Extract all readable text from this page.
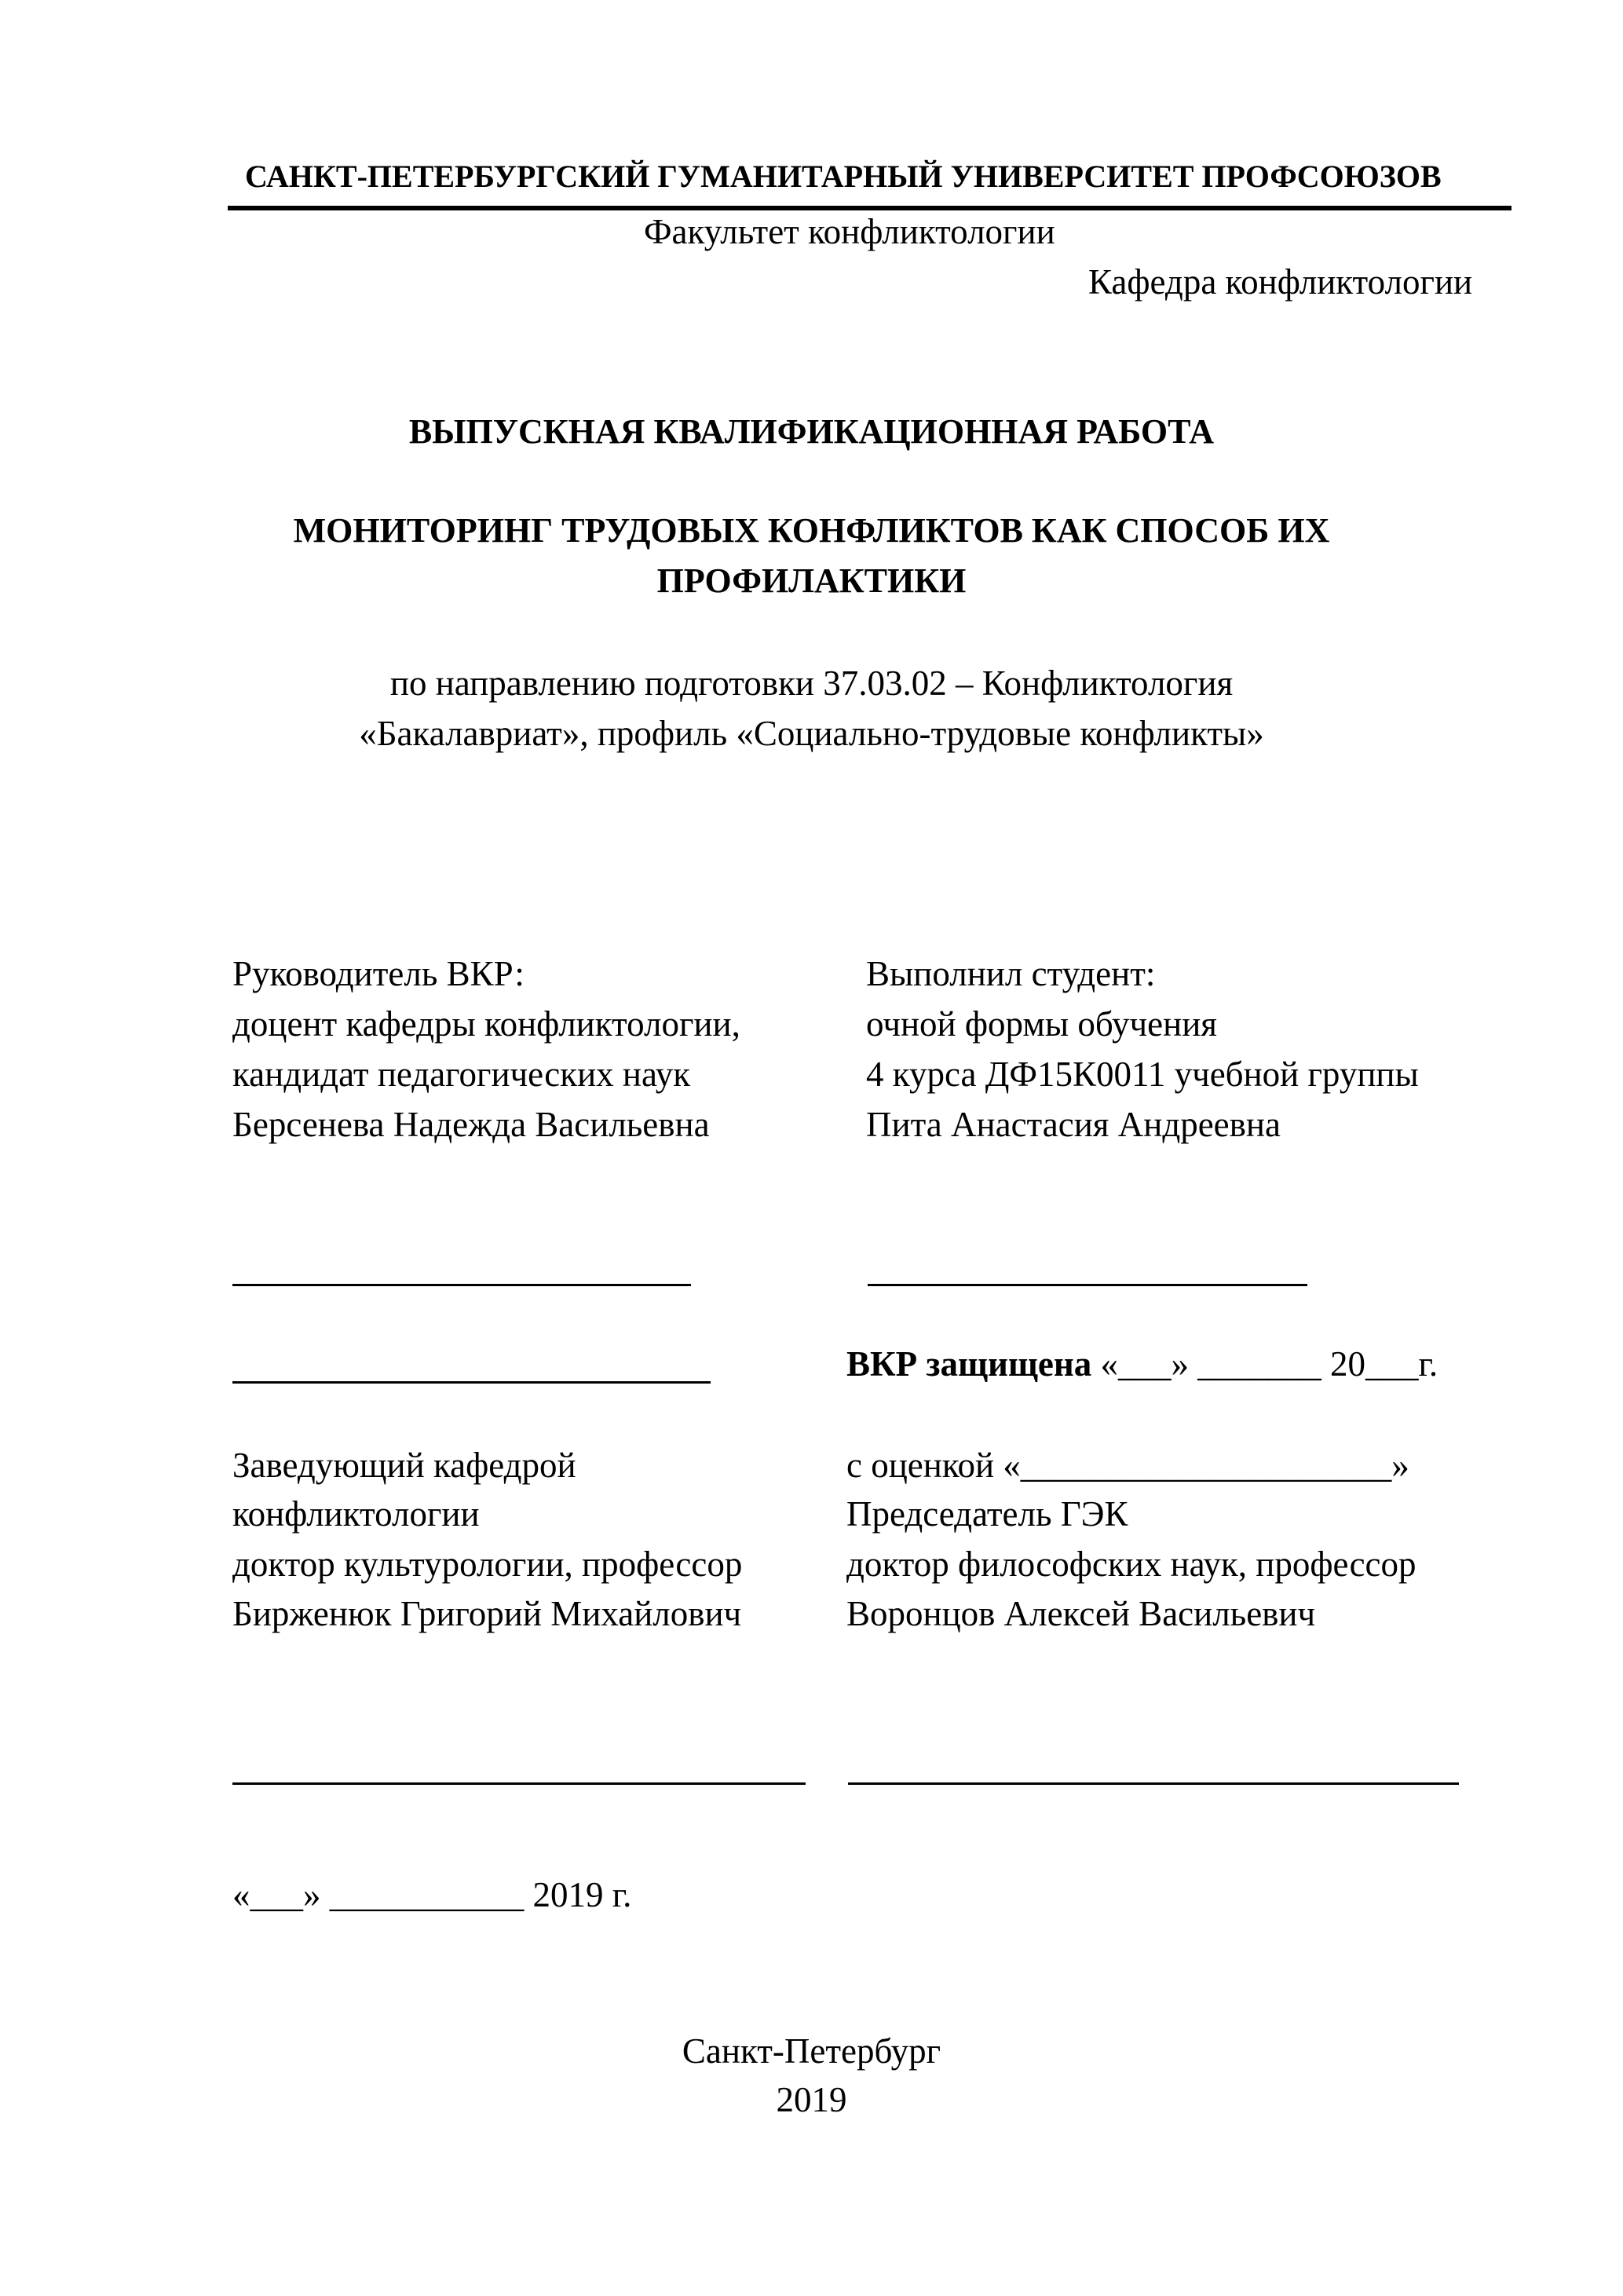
САНКТ-ПЕТЕРБУРГСКИЙ ГУМАНИТАРНЫЙ УНИВЕРСИТЕТ ПРОФСОЮЗОВ
Факультет конфликтологии
Кафедра конфликтологии
ВЫПУСКНАЯ КВАЛИФИКАЦИОННАЯ РАБОТА
МОНИТОРИНГ ТРУДОВЫХ КОНФЛИКТОВ КАК СПОСОБ ИХ
ПРОФИЛАКТИКИ
по направлению подготовки 37.03.02 – Конфликтология
«Бакалавриат», профиль «Социально-трудовые конфликты»
Руководитель ВКР:
доцент кафедры конфликтологии,
кандидат педагогических наук
Берсенева Надежда Васильевна
Выполнил студент:
очной формы обучения
4 курса ДФ15К0011 учебной группы
Пита Анастасия Андреевна
ВКР защищена «___» _______ 20___г.
Заведующий кафедрой
конфликтологии
доктор культурологии, профессор
Бирженюк Григорий Михайлович
с оценкой «_____________________»
Председатель ГЭК
доктор философских наук, профессор
Воронцов Алексей Васильевич
«___» ___________ 2019 г.
Санкт-Петербург
2019
